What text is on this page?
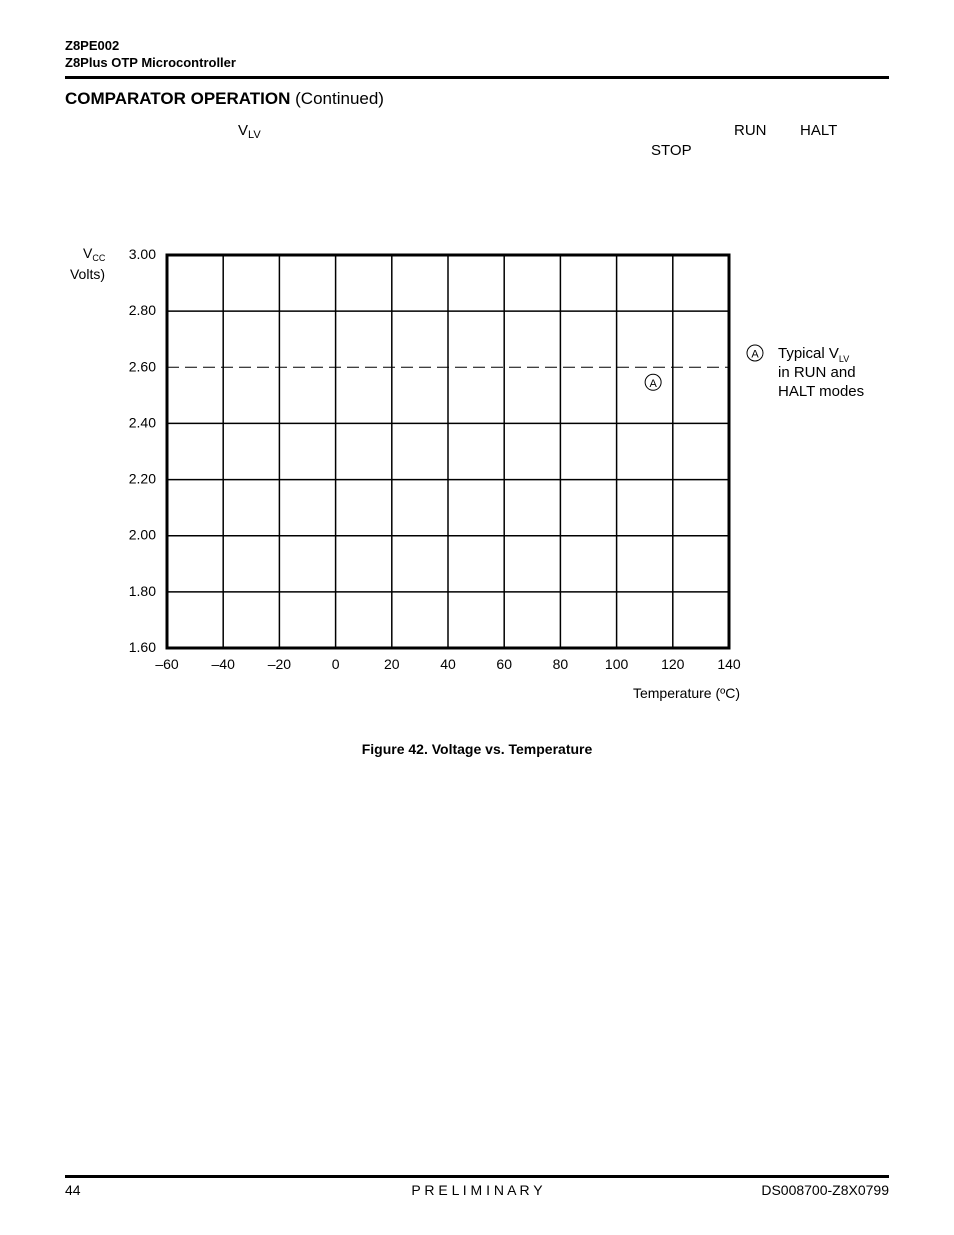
Z8PE002
Z8Plus OTP Microcontroller
COMPARATOR OPERATION (Continued)
$V_{LV}$	RUN HALT
STOP
A
–60 –40 –20	0	20	40	60	80	100 120 140
3.00
2.80
2.60
2.40
2.20
2.00
1.80
1.60
$V_{CC}$
Volts)
Temperature (ºC)
A Typical $V_{LV}$
in RUN and
HALT modes
Figure 42. Voltage vs. Temperature
44	P R E L I M I N A R Y	DS008700-Z8X0799
